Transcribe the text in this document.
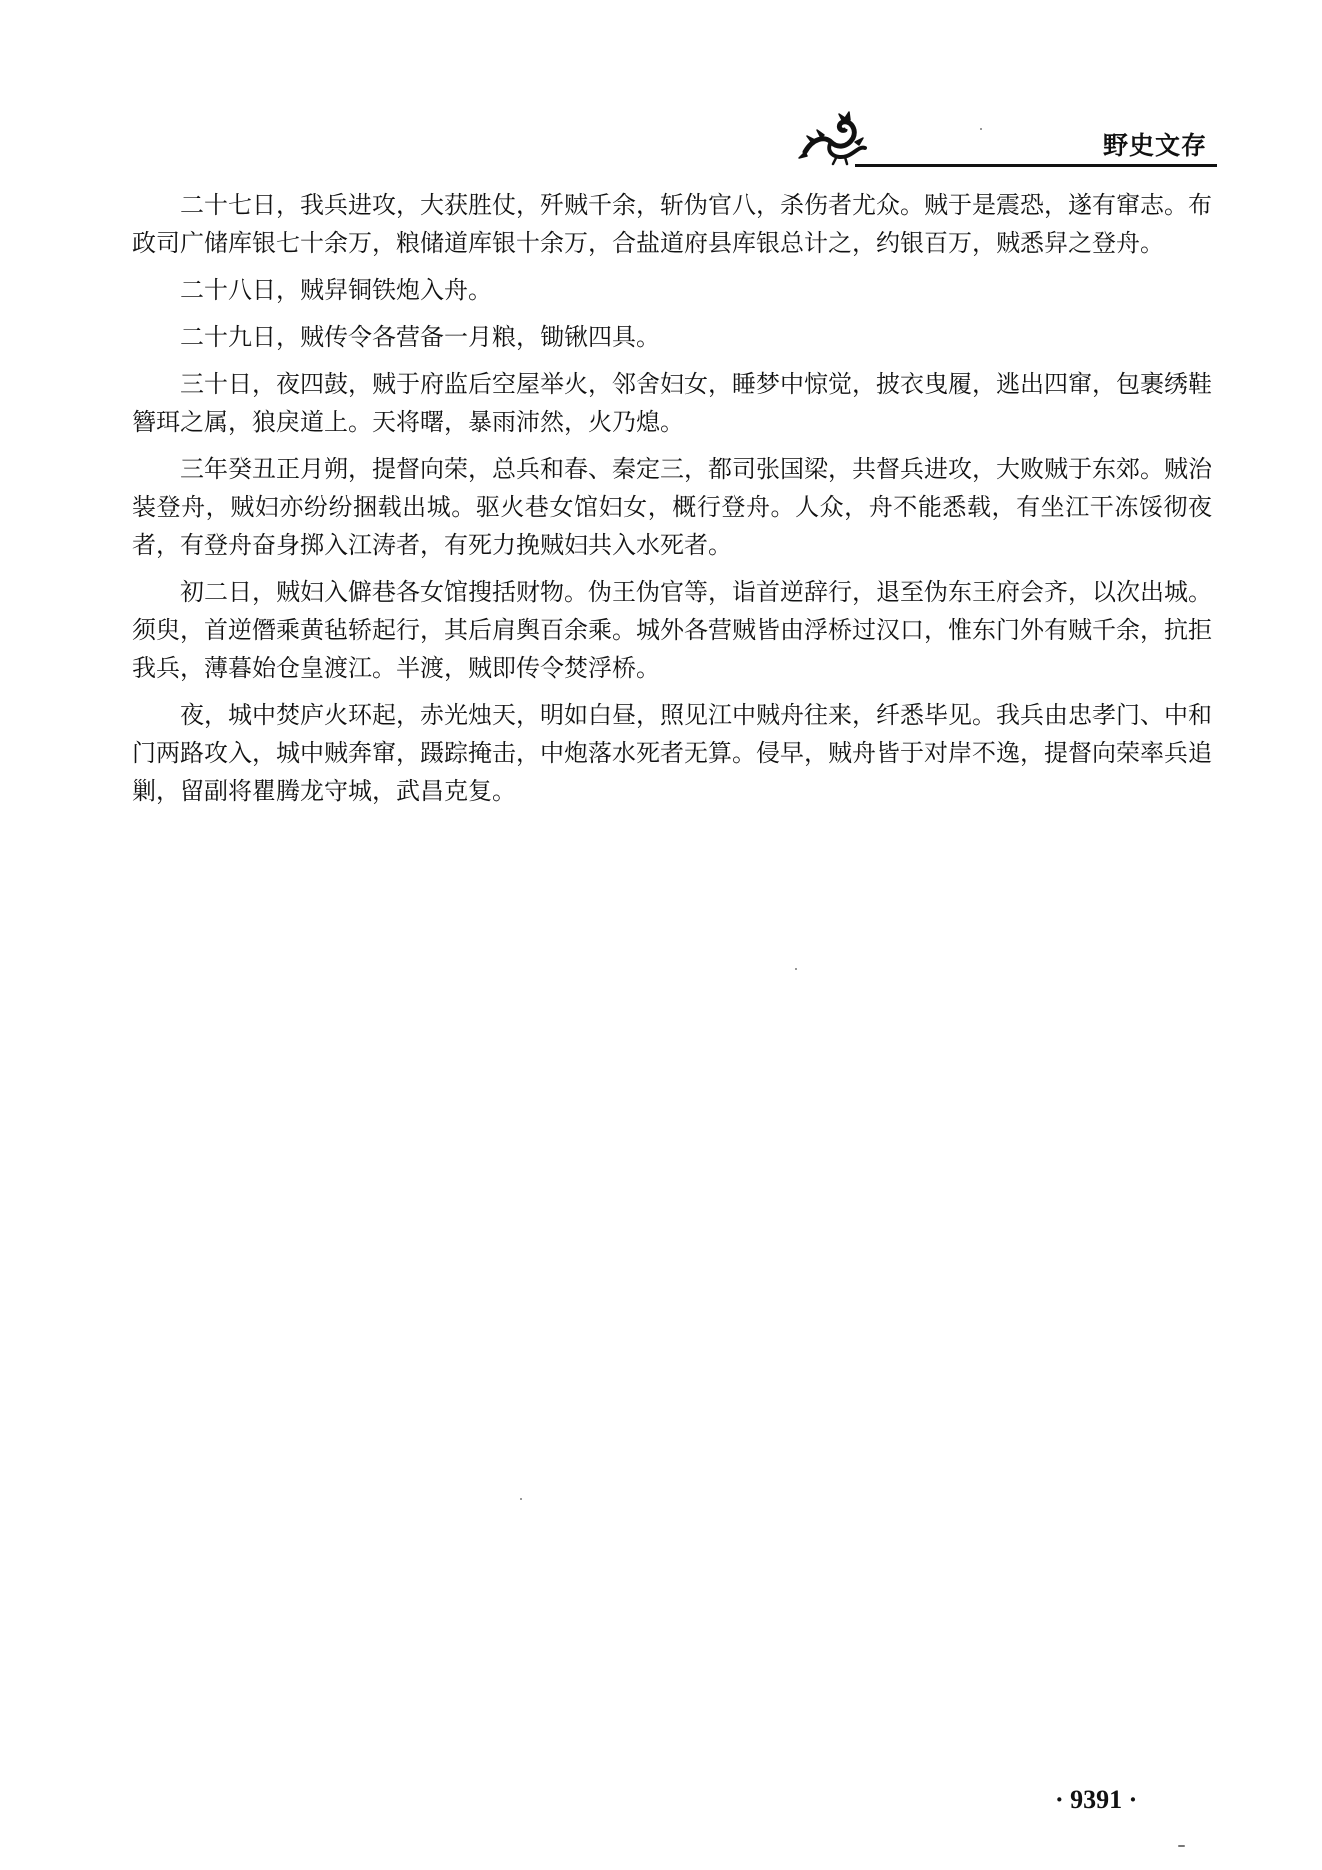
野史文存

二十七日，我兵进攻，大获胜仗，歼贼千余，斩伪官八，杀伤者尤众。贼于是震恐，遂有窜志。布政司广储库银七十余万，粮储道库银十余万，合盐道府县库银总计之，约银百万，贼悉舁之登舟。

二十八日，贼舁铜铁炮入舟。

二十九日，贼传令各营备一月粮，锄锹四具。

三十日，夜四鼓，贼于府监后空屋举火，邻舍妇女，睡梦中惊觉，披衣曳履，逃出四窜，包裹绣鞋簪珥之属，狼戾道上。天将曙，暴雨沛然，火乃熄。

三年癸丑正月朔，提督向荣，总兵和春、秦定三，都司张国梁，共督兵进攻，大败贼于东郊。贼治装登舟，贼妇亦纷纷捆载出城。驱火巷女馆妇女，概行登舟。人众，舟不能悉载，有坐江干冻馁彻夜者，有登舟奋身掷入江涛者，有死力挽贼妇共入水死者。

初二日，贼妇入僻巷各女馆搜括财物。伪王伪官等，诣首逆辞行，退至伪东王府会齐，以次出城。须臾，首逆僭乘黄毡轿起行，其后肩舆百余乘。城外各营贼皆由浮桥过汉口，惟东门外有贼千余，抗拒我兵，薄暮始仓皇渡江。半渡，贼即传令焚浮桥。

夜，城中焚庐火环起，赤光烛天，明如白昼，照见江中贼舟往来，纤悉毕见。我兵由忠孝门、中和门两路攻入，城中贼奔窜，蹑踪掩击，中炮落水死者无算。侵早，贼舟皆于对岸不逸，提督向荣率兵追剿，留副将瞿腾龙守城，武昌克复。

· 9391 ·
